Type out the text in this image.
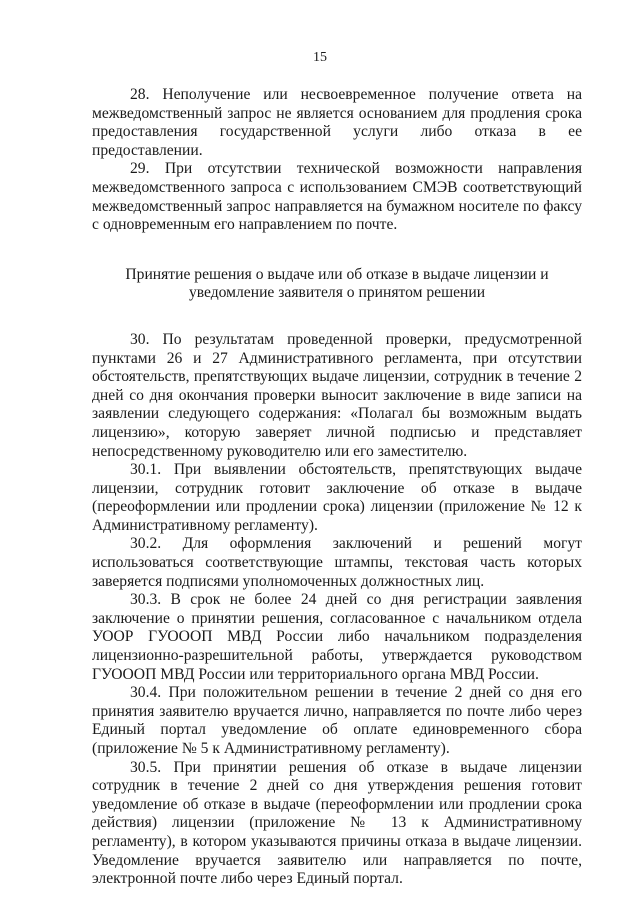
15

28. Неполучение или несвоевременное получение ответа на межведомственный запрос не является основанием для продления срока предоставления государственной услуги либо отказа в ее предоставлении.

29. При отсутствии технической возможности направления межведомственного запроса с использованием СМЭВ соответствующий межведомственный запрос направляется на бумажном носителе по факсу с одновременным его направлением по почте.

Принятие решения о выдаче или об отказе в выдаче лицензии и уведомление заявителя о принятом решении

30. По результатам проведенной проверки, предусмотренной пунктами 26 и 27 Административного регламента, при отсутствии обстоятельств, препятствующих выдаче лицензии, сотрудник в течение 2 дней со дня окончания проверки выносит заключение в виде записи на заявлении следующего содержания: «Полагал бы возможным выдать лицензию», которую заверяет личной подписью и представляет непосредственному руководителю или его заместителю.

30.1. При выявлении обстоятельств, препятствующих выдаче лицензии, сотрудник готовит заключение об отказе в выдаче (переоформлении или продлении срока) лицензии (приложение № 12 к Административному регламенту).

30.2. Для оформления заключений и решений могут использоваться соответствующие штампы, текстовая часть которых заверяется подписями уполномоченных должностных лиц.

30.3. В срок не более 24 дней со дня регистрации заявления заключение о принятии решения, согласованное с начальником отдела УООР ГУОООП МВД России либо начальником подразделения лицензионно-разрешительной работы, утверждается руководством ГУОООП МВД России или территориального органа МВД России.

30.4. При положительном решении в течение 2 дней со дня его принятия заявителю вручается лично, направляется по почте либо через Единый портал уведомление об оплате единовременного сбора (приложение № 5 к Административному регламенту).

30.5. При принятии решения об отказе в выдаче лицензии сотрудник в течение 2 дней со дня утверждения решения готовит уведомление об отказе в выдаче (переоформлении или продлении срока действия) лицензии (приложение № 13 к Административному регламенту), в котором указываются причины отказа в выдаче лицензии. Уведомление вручается заявителю или направляется по почте, электронной почте либо через Единый портал.
